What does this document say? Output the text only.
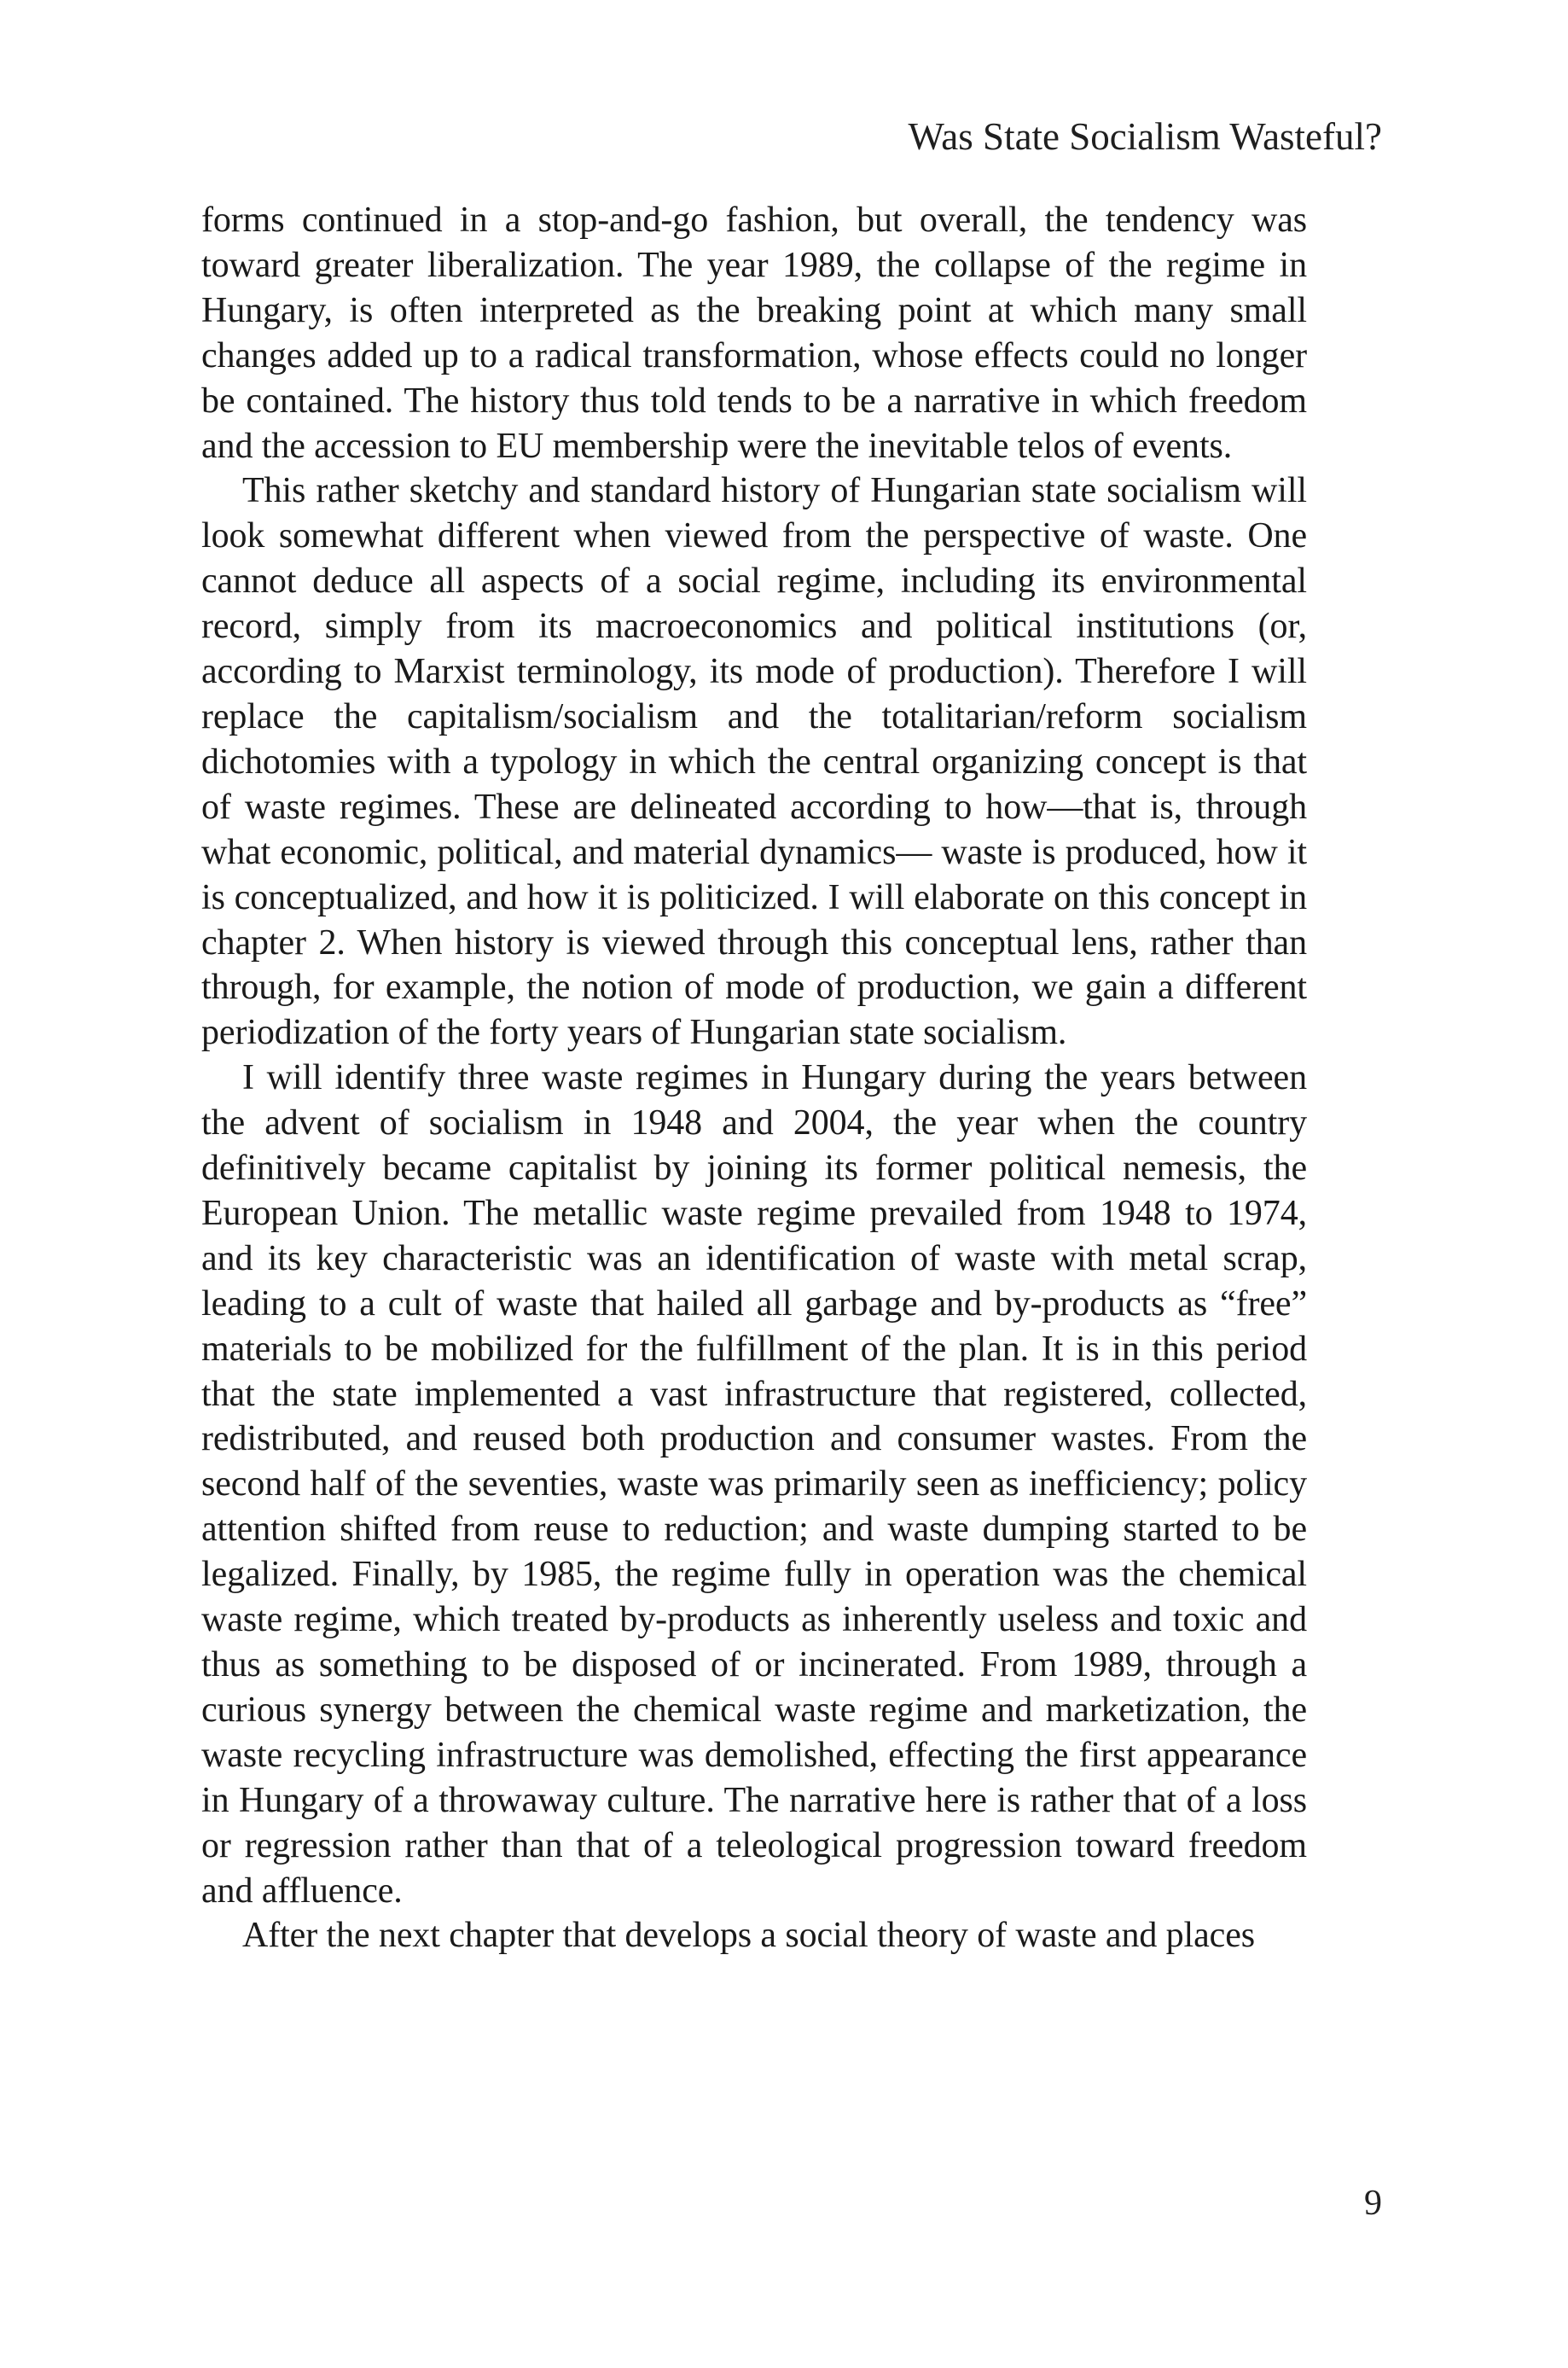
Was State Socialism Wasteful?

forms continued in a stop-and-go fashion, but overall, the tendency was toward greater liberalization. The year 1989, the collapse of the regime in Hungary, is often interpreted as the breaking point at which many small changes added up to a radical transformation, whose effects could no longer be contained. The history thus told tends to be a narrative in which freedom and the accession to EU membership were the inevitable telos of events.

This rather sketchy and standard history of Hungarian state socialism will look somewhat different when viewed from the perspective of waste. One cannot deduce all aspects of a social regime, including its environmental record, simply from its macroeconomics and political institutions (or, according to Marxist terminology, its mode of production). Therefore I will replace the capitalism/socialism and the totalitarian/reform socialism dichotomies with a typology in which the central organizing concept is that of waste regimes. These are delineated according to how—that is, through what economic, political, and material dynamics— waste is produced, how it is conceptualized, and how it is politicized. I will elaborate on this concept in chapter 2. When history is viewed through this conceptual lens, rather than through, for example, the notion of mode of production, we gain a different periodization of the forty years of Hungarian state socialism.

I will identify three waste regimes in Hungary during the years between the advent of socialism in 1948 and 2004, the year when the country definitively became capitalist by joining its former political nemesis, the European Union. The metallic waste regime prevailed from 1948 to 1974, and its key characteristic was an identification of waste with metal scrap, leading to a cult of waste that hailed all garbage and by-products as “free” materials to be mobilized for the fulfillment of the plan. It is in this period that the state implemented a vast infrastructure that registered, collected, redistributed, and reused both production and consumer wastes. From the second half of the seventies, waste was primarily seen as inefficiency; policy attention shifted from reuse to reduction; and waste dumping started to be legalized. Finally, by 1985, the regime fully in operation was the chemical waste regime, which treated by-products as inherently useless and toxic and thus as something to be disposed of or incinerated. From 1989, through a curious synergy between the chemical waste regime and marketization, the waste recycling infrastructure was demolished, effecting the first appearance in Hungary of a throwaway culture. The narrative here is rather that of a loss or regression rather than that of a teleological progression toward freedom and affluence.

After the next chapter that develops a social theory of waste and places

9
